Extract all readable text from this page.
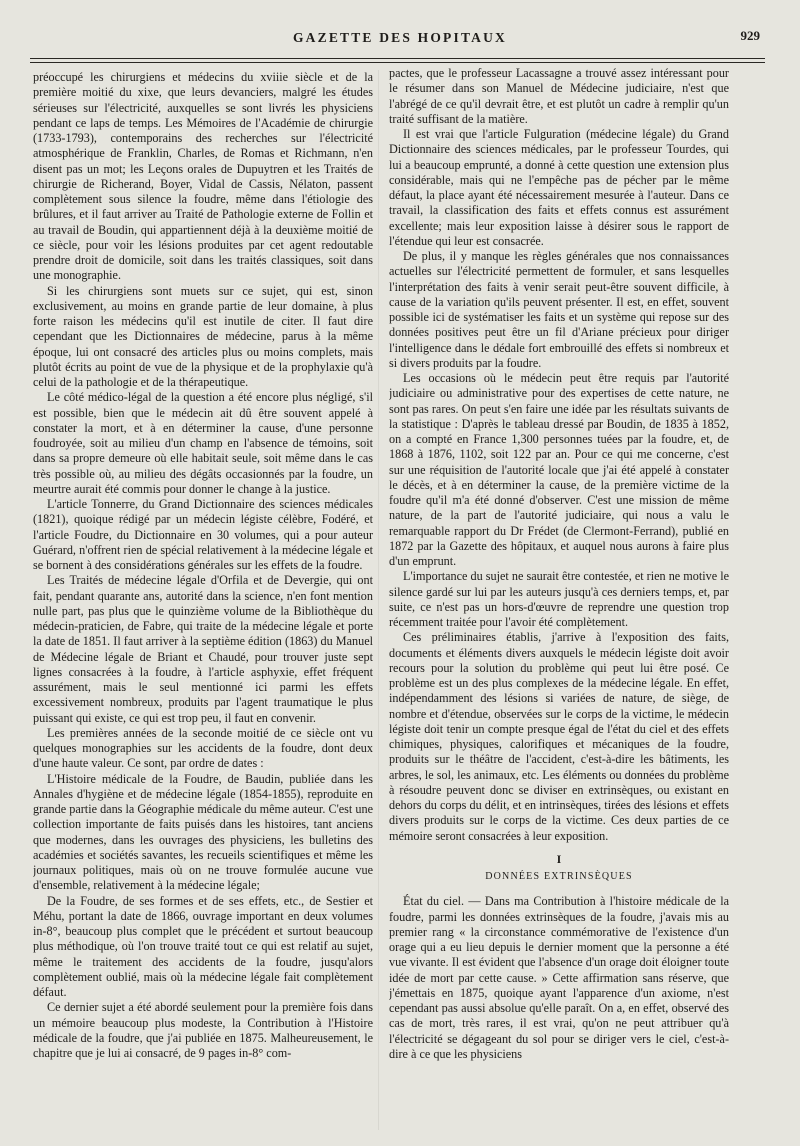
GAZETTE DES HOPITAUX	929

préoccupé les chirurgiens et médecins du xviiie siècle et de la première moitié du xixe, que leurs devanciers, malgré les études sérieuses sur l'électricité, auxquelles se sont livrés les physiciens pendant ce laps de temps. Les Mémoires de l'Académie de chirurgie (1733-1793), contemporains des recherches sur l'électricité atmosphérique de Franklin, Charles, de Romas et Richmann, n'en disent pas un mot; les Leçons orales de Dupuytren et les Traités de chirurgie de Richerand, Boyer, Vidal de Cassis, Nélaton, passent complètement sous silence la foudre, même dans l'étiologie des brûlures, et il faut arriver au Traité de Pathologie externe de Follin et au travail de Boudin, qui appartiennent déjà à la deuxième moitié de ce siècle, pour voir les lésions produites par cet agent redoutable prendre droit de domicile, soit dans les traités classiques, soit dans une monographie.

Si les chirurgiens sont muets sur ce sujet, qui est, sinon exclusivement, au moins en grande partie de leur domaine, à plus forte raison les médecins qu'il est inutile de citer. Il faut dire cependant que les Dictionnaires de médecine, parus à la même époque, lui ont consacré des articles plus ou moins complets, mais plutôt écrits au point de vue de la physique et de la prophylaxie qu'à celui de la pathologie et de la thérapeutique.

Le côté médico-légal de la question a été encore plus négligé, s'il est possible, bien que le médecin ait dû être souvent appelé à constater la mort, et à en déterminer la cause, d'une personne foudroyée, soit au milieu d'un champ en l'absence de témoins, soit dans sa propre demeure où elle habitait seule, soit même dans le cas très possible où, au milieu des dégâts occasionnés par la foudre, un meurtre aurait été commis pour donner le change à la justice.

L'article Tonnerre, du Grand Dictionnaire des sciences médicales (1821), quoique rédigé par un médecin légiste célèbre, Fodéré, et l'article Foudre, du Dictionnaire en 30 volumes, qui a pour auteur Guérard, n'offrent rien de spécial relativement à la médecine légale et se bornent à des considérations générales sur les effets de la foudre.

Les Traités de médecine légale d'Orfila et de Devergie, qui ont fait, pendant quarante ans, autorité dans la science, n'en font mention nulle part, pas plus que le quinzième volume de la Bibliothèque du médecin-praticien, de Fabre, qui traite de la médecine légale et porte la date de 1851. Il faut arriver à la septième édition (1863) du Manuel de Médecine légale de Briant et Chaudé, pour trouver juste sept lignes consacrées à la foudre, à l'article asphyxie, effet fréquent assurément, mais le seul mentionné ici parmi les effets excessivement nombreux, produits par l'agent traumatique le plus puissant qui existe, ce qui est trop peu, il faut en convenir.

Les premières années de la seconde moitié de ce siècle ont vu quelques monographies sur les accidents de la foudre, dont deux d'une haute valeur. Ce sont, par ordre de dates :

L'Histoire médicale de la Foudre, de Baudin, publiée dans les Annales d'hygiène et de médecine légale (1854-1855), reproduite en grande partie dans la Géographie médicale du même auteur. C'est une collection importante de faits puisés dans les histoires, tant anciens que modernes, dans les ouvrages des physiciens, les bulletins des académies et sociétés savantes, les recueils scientifiques et même les journaux politiques, mais où on ne trouve formulée aucune vue d'ensemble, relativement à la médecine légale;

De la Foudre, de ses formes et de ses effets, etc., de Sestier et Méhu, portant la date de 1866, ouvrage important en deux volumes in-8°, beaucoup plus complet que le précédent et surtout beaucoup plus méthodique, où l'on trouve traité tout ce qui est relatif au sujet, même le traitement des accidents de la foudre, jusqu'alors complètement oublié, mais où la médecine légale fait complètement défaut.

Ce dernier sujet a été abordé seulement pour la première fois dans un mémoire beaucoup plus modeste, la Contribution à l'Histoire médicale de la foudre, que j'ai publiée en 1875. Malheureusement, le chapitre que je lui ai consacré, de 9 pages in-8° com-

pactes, que le professeur Lacassagne a trouvé assez intéressant pour le résumer dans son Manuel de Médecine judiciaire, n'est que l'abrégé de ce qu'il devrait être, et est plutôt un cadre à remplir qu'un traité suffisant de la matière.

Il est vrai que l'article Fulguration (médecine légale) du Grand Dictionnaire des sciences médicales, par le professeur Tourdes, qui lui a beaucoup emprunté, a donné à cette question une extension plus considérable, mais qui ne l'empêche pas de pécher par le même défaut, la place ayant été nécessairement mesurée à l'auteur. Dans ce travail, la classification des faits et effets connus est assurément excellente; mais leur exposition laisse à désirer sous le rapport de l'étendue qui leur est consacrée.

De plus, il y manque les règles générales que nos connaissances actuelles sur l'électricité permettent de formuler, et sans lesquelles l'interprétation des faits à venir serait peut-être souvent difficile, à cause de la variation qu'ils peuvent présenter. Il est, en effet, souvent possible ici de systématiser les faits et un système qui repose sur des données positives peut être un fil d'Ariane précieux pour diriger l'intelligence dans le dédale fort embrouillé des effets si nombreux et si divers produits par la foudre.

Les occasions où le médecin peut être requis par l'autorité judiciaire ou administrative pour des expertises de cette nature, ne sont pas rares. On peut s'en faire une idée par les résultats suivants de la statistique : D'après le tableau dressé par Boudin, de 1835 à 1852, on a compté en France 1,300 personnes tuées par la foudre, et, de 1868 à 1876, 1102, soit 122 par an. Pour ce qui me concerne, c'est sur une réquisition de l'autorité locale que j'ai été appelé à constater le décès, et à en déterminer la cause, de la première victime de la foudre qu'il m'a été donné d'observer. C'est une mission de même nature, de la part de l'autorité judiciaire, qui nous a valu le remarquable rapport du Dr Frédet (de Clermont-Ferrand), publié en 1872 par la Gazette des hôpitaux, et auquel nous aurons à faire plus d'un emprunt.

L'importance du sujet ne saurait être contestée, et rien ne motive le silence gardé sur lui par les auteurs jusqu'à ces derniers temps, et, par suite, ce n'est pas un hors-d'œuvre de reprendre une question trop récemment traitée pour l'avoir été complètement.

Ces préliminaires établis, j'arrive à l'exposition des faits, documents et éléments divers auxquels le médecin légiste doit avoir recours pour la solution du problème qui peut lui être posé. Ce problème est un des plus complexes de la médecine légale. En effet, indépendamment des lésions si variées de nature, de siège, de nombre et d'étendue, observées sur le corps de la victime, le médecin légiste doit tenir un compte presque égal de l'état du ciel et des effets chimiques, physiques, calorifiques et mécaniques de la foudre, produits sur le théâtre de l'accident, c'est-à-dire les bâtiments, les arbres, le sol, les animaux, etc. Les éléments ou données du problème à résoudre peuvent donc se diviser en extrinsèques, ou existant en dehors du corps du délit, et en intrinsèques, tirées des lésions et effets divers produits sur le corps de la victime. Ces deux parties de ce mémoire seront consacrées à leur exposition.

I
DONNÉES EXTRINSÈQUES

État du ciel. — Dans ma Contribution à l'histoire médicale de la foudre, parmi les données extrinsèques de la foudre, j'avais mis au premier rang « la circonstance commémorative de l'existence d'un orage qui a eu lieu depuis le dernier moment que la personne a été vue vivante. Il est évident que l'absence d'un orage doit éloigner toute idée de mort par cette cause. » Cette affirmation sans réserve, que j'émettais en 1875, quoique ayant l'apparence d'un axiome, n'est cependant pas aussi absolue qu'elle paraît. On a, en effet, observé des cas de mort, très rares, il est vrai, qu'on ne peut attribuer qu'à l'électricité se dégageant du sol pour se diriger vers le ciel, c'est-à-dire à ce que les physiciens
